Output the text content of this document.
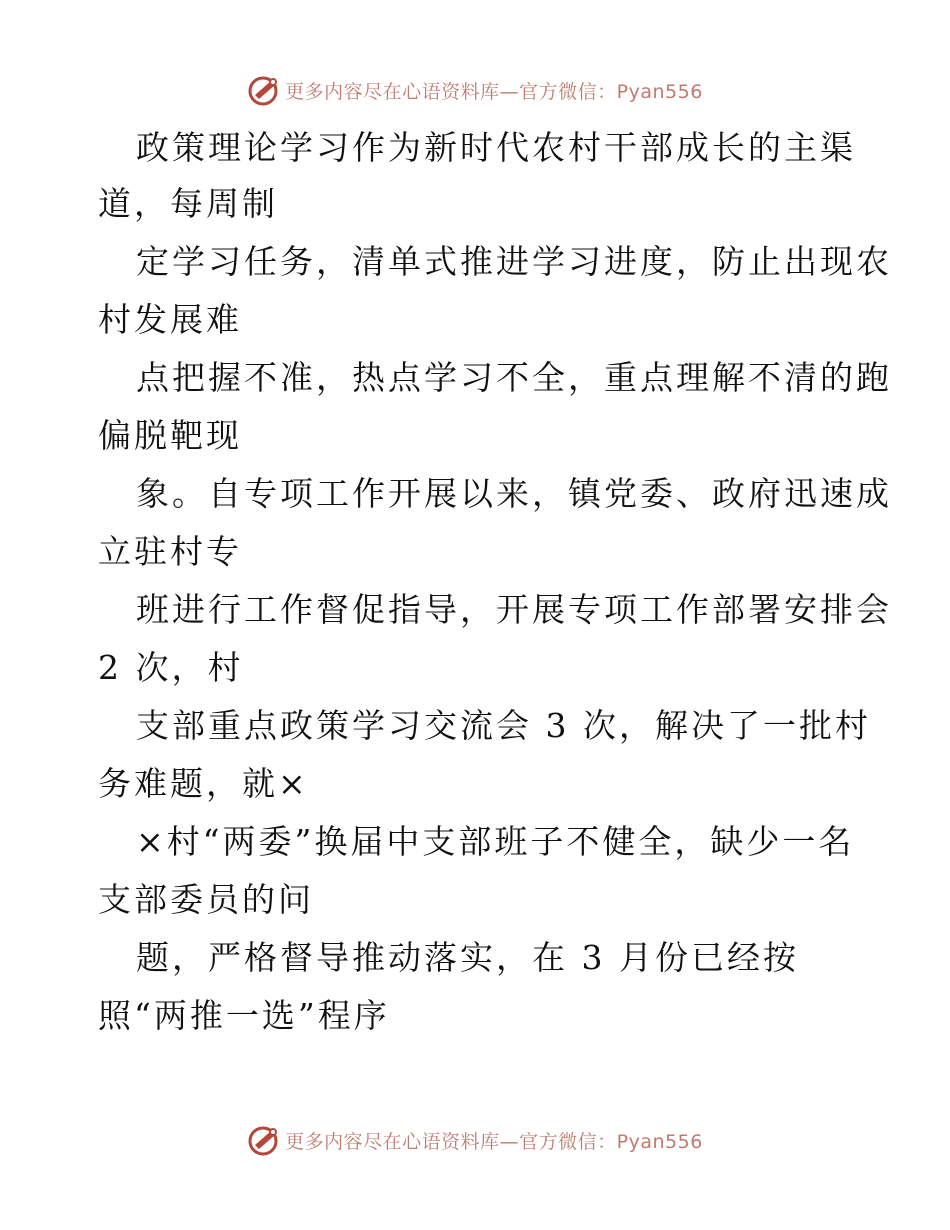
更多内容尽在心语资料库—官方微信：Pyan556
政策理论学习作为新时代农村干部成长的主渠
道，每周制
定学习任务，清单式推进学习进度，防止出现农
村发展难
点把握不准，热点学习不全，重点理解不清的跑
偏脱靶现
象。自专项工作开展以来，镇党委、政府迅速成
立驻村专
班进行工作督促指导，开展专项工作部署安排会
2 次，村
支部重点政策学习交流会 3 次，解决了一批村
务难题，就×
×村“两委”换届中支部班子不健全，缺少一名
支部委员的问
题，严格督导推动落实，在 3 月份已经按
照“两推一选”程序
更多内容尽在心语资料库—官方微信：Pyan556
